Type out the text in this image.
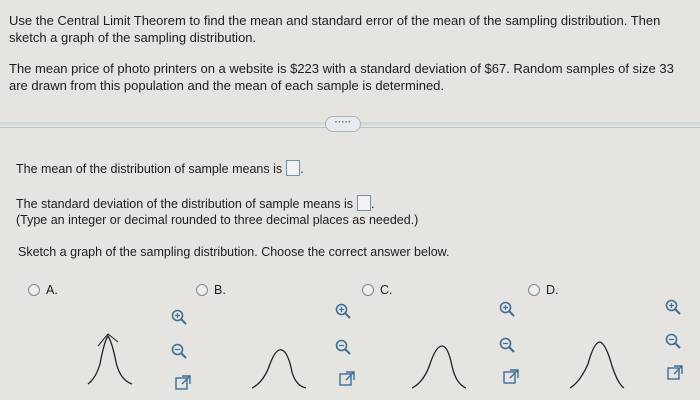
Use the Central Limit Theorem to find the mean and standard error of the mean of the sampling distribution. Then sketch a graph of the sampling distribution.
The mean price of photo printers on a website is $223 with a standard deviation of $67. Random samples of size 33 are drawn from this population and the mean of each sample is determined.
·····
The mean of the distribution of sample means is .
The standard deviation of the distribution of sample means is .
(Type an integer or decimal rounded to three decimal places as needed.)
Sketch a graph of the sampling distribution. Choose the correct answer below.
A.	B.	C.	D.
